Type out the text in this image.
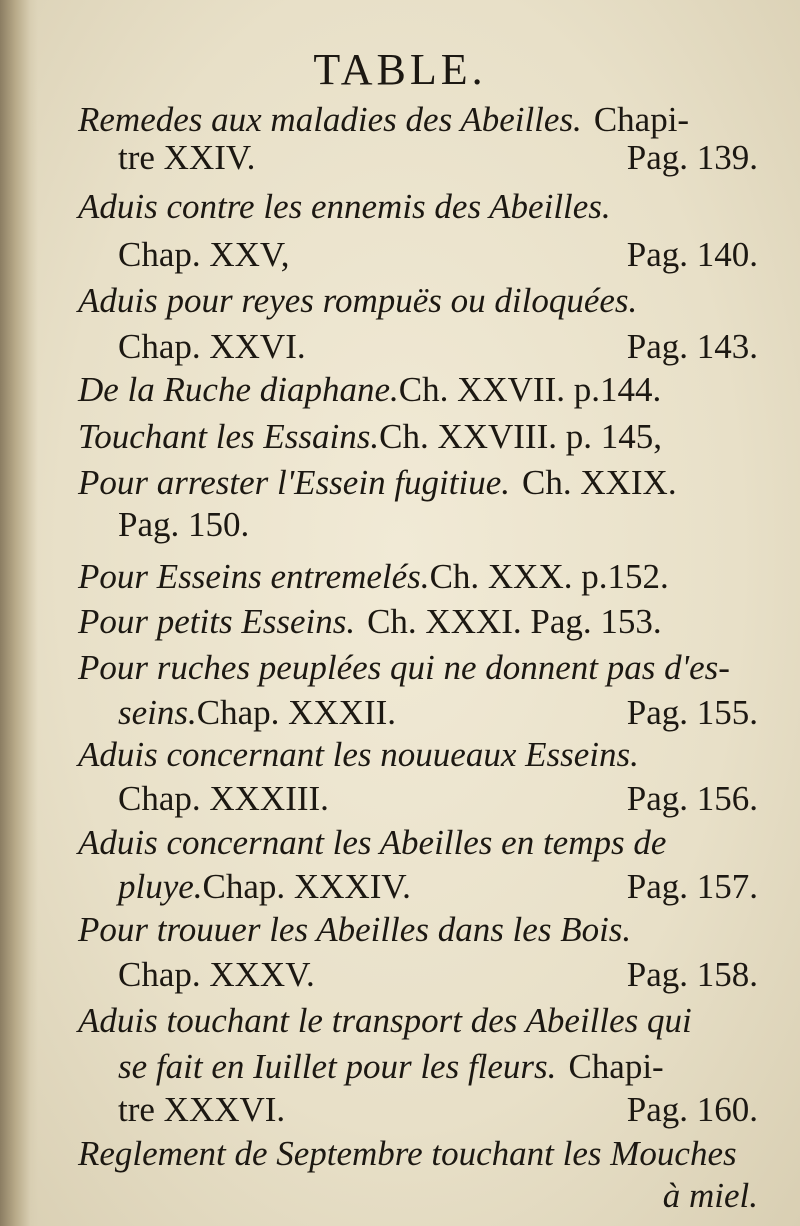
TABLE.
Remedes aux maladies des Abeilles. Chapi-
tre XXIV.	Pag. 139.
Aduis contre les ennemis des Abeilles.
Chap. XXV,	Pag. 140.
Aduis pour reyes rompuës ou diloquées.
Chap. XXVI.	Pag. 143.
De la Ruche diaphane. Ch. XXVII. p.144.
Touchant les Essains. Ch. XXVIII. p. 145,
Pour arrester l'Essein fugitiue. Ch. XXIX.
Pag. 150.
Pour Esseins entremelés. Ch. XXX. p.152.
Pour petits Esseins. Ch. XXXI. Pag. 153.
Pour ruches peuplées qui ne donnent pas d'es-
seins. Chap. XXXII.	Pag. 155.
Aduis concernant les nouueaux Esseins.
Chap. XXXIII.	Pag. 156.
Aduis concernant les Abeilles en temps de
pluye. Chap. XXXIV.	Pag. 157.
Pour trouuer les Abeilles dans les Bois.
Chap. XXXV.	Pag. 158.
Aduis touchant le transport des Abeilles qui
se fait en Iuillet pour les fleurs. Chapi-
tre XXXVI.	Pag. 160.
Reglement de Septembre touchant les Mouches
à miel.
